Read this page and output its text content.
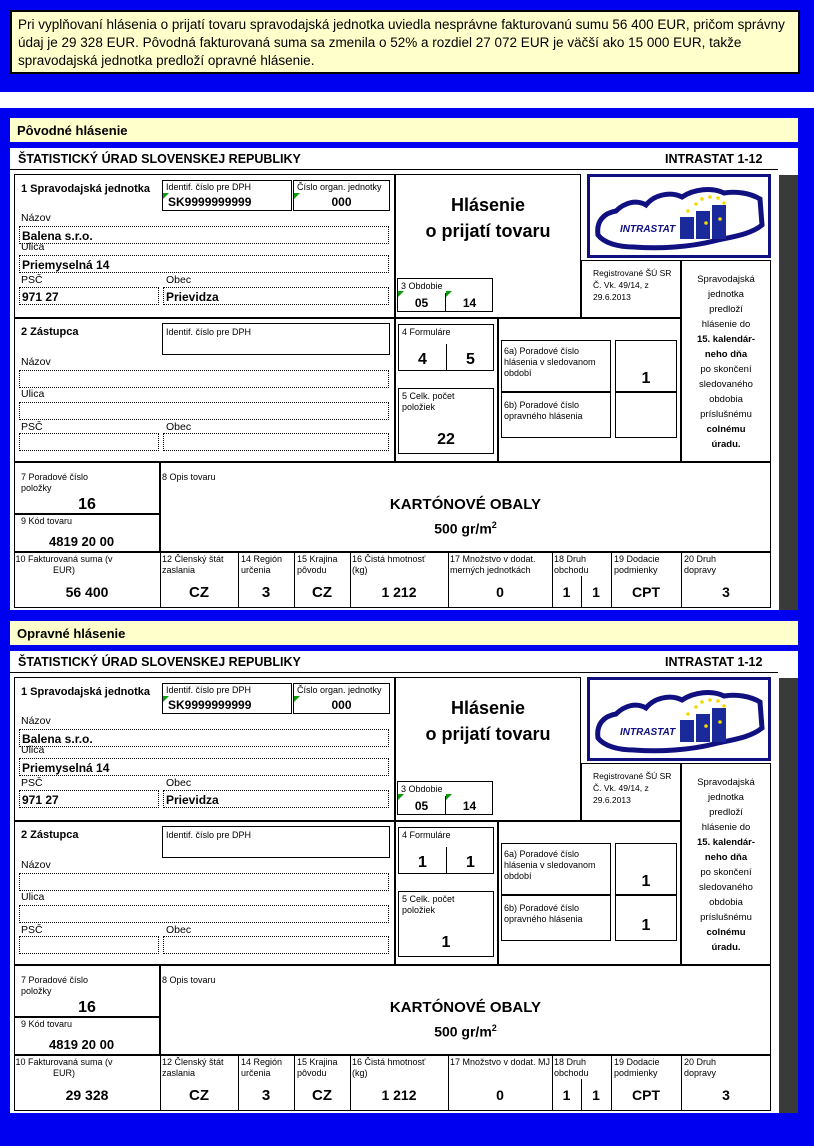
Pri vyplňovaní hlásenia o prijatí tovaru spravodajská jednotka uviedla nesprávne fakturovanú sumu 56 400 EUR, pričom správny údaj je 29 328 EUR. Pôvodná fakturovaná suma sa zmenila o 52% a rozdiel 27 072 EUR je väčší ako 15 000 EUR, takže spravodajská jednotka predloží opravné hlásenie.
Pôvodné hlásenie
ŠTATISTICKÝ ÚRAD SLOVENSKEJ REPUBLIKY	INTRASTAT 1-12
1 Spravodajská jednotka Identif. číslo pre DPH
SK9999999999
Číslo organ. jednotky
000
Názov
Balena s.r.o.
Ulica
Priemyselná 14
PSČ	Obec
971 27	Prievidza
Hlásenie
o prijatí tovaru
3 Obdobie
05	14
INTRASTAT
Registrované ŠÚ SR Č. Vk. 49/14, z 29.6.2013
Spravodajská
jednotka
predloží
hlásenie do
15. kalendár-
neho dňa
po skončení
sledovaného
obdobia
príslušnému
colnému
úradu.
2 Zástupca	Identif. číslo pre DPH
Názov
Ulica
PSČ	Obec
4 Formuláre
4	5
5 Celk. počet položiek
22
6a) Poradové číslo hlásenia v sledovanom období	1
6b) Poradové číslo opravného hlásenia
7 Poradové číslo položky
16
8 Opis tovaru
KARTÓNOVÉ OBALY
500 $gr/m^2$
9 Kód tovaru
4819 20 00
10 Fakturovaná suma (v EUR)
56 400
12 Členský štát zaslania
CZ
14 Región určenia
3
15 Krajina pôvodu
CZ
16 Čistá hmotnosť (kg)
1 212
17 Množstvo v dodat. merných jednotkách
0
18 Druh obchodu
1	1
19 Dodacie podmienky
CPT
20 Druh dopravy
3
Opravné hlásenie
ŠTATISTICKÝ ÚRAD SLOVENSKEJ REPUBLIKY	INTRASTAT 1-12
1 Spravodajská jednotka Identif. číslo pre DPH
SK9999999999
Číslo organ. jednotky
000
Názov
Balena s.r.o.
Ulica
Priemyselná 14
PSČ	Obec
971 27	Prievidza
Hlásenie
o prijatí tovaru
3 Obdobie
05	14
INTRASTAT
Registrované ŠÚ SR Č. Vk. 49/14, z 29.6.2013
Spravodajská
jednotka
predloží
hlásenie do
15. kalendár-
neho dňa
po skončení
sledovaného
obdobia
príslušnému
colnému
úradu.
2 Zástupca	Identif. číslo pre DPH
Názov
Ulica
PSČ	Obec
4 Formuláre
1	1
5 Celk. počet položiek
1
6a) Poradové číslo hlásenia v sledovanom období	1
6b) Poradové číslo opravného hlásenia	1
7 Poradové číslo položky
16
8 Opis tovaru
KARTÓNOVÉ OBALY
500 $gr/m^2$
9 Kód tovaru
4819 20 00
10 Fakturovaná suma (v EUR)
29 328
12 Členský štát zaslania
CZ
14 Región určenia
3
15 Krajina pôvodu
CZ
16 Čistá hmotnosť (kg)
1 212
17 Množstvo v dodat. MJ
0
18 Druh obchodu
1	1
19 Dodacie podmienky
CPT
20 Druh dopravy
3
